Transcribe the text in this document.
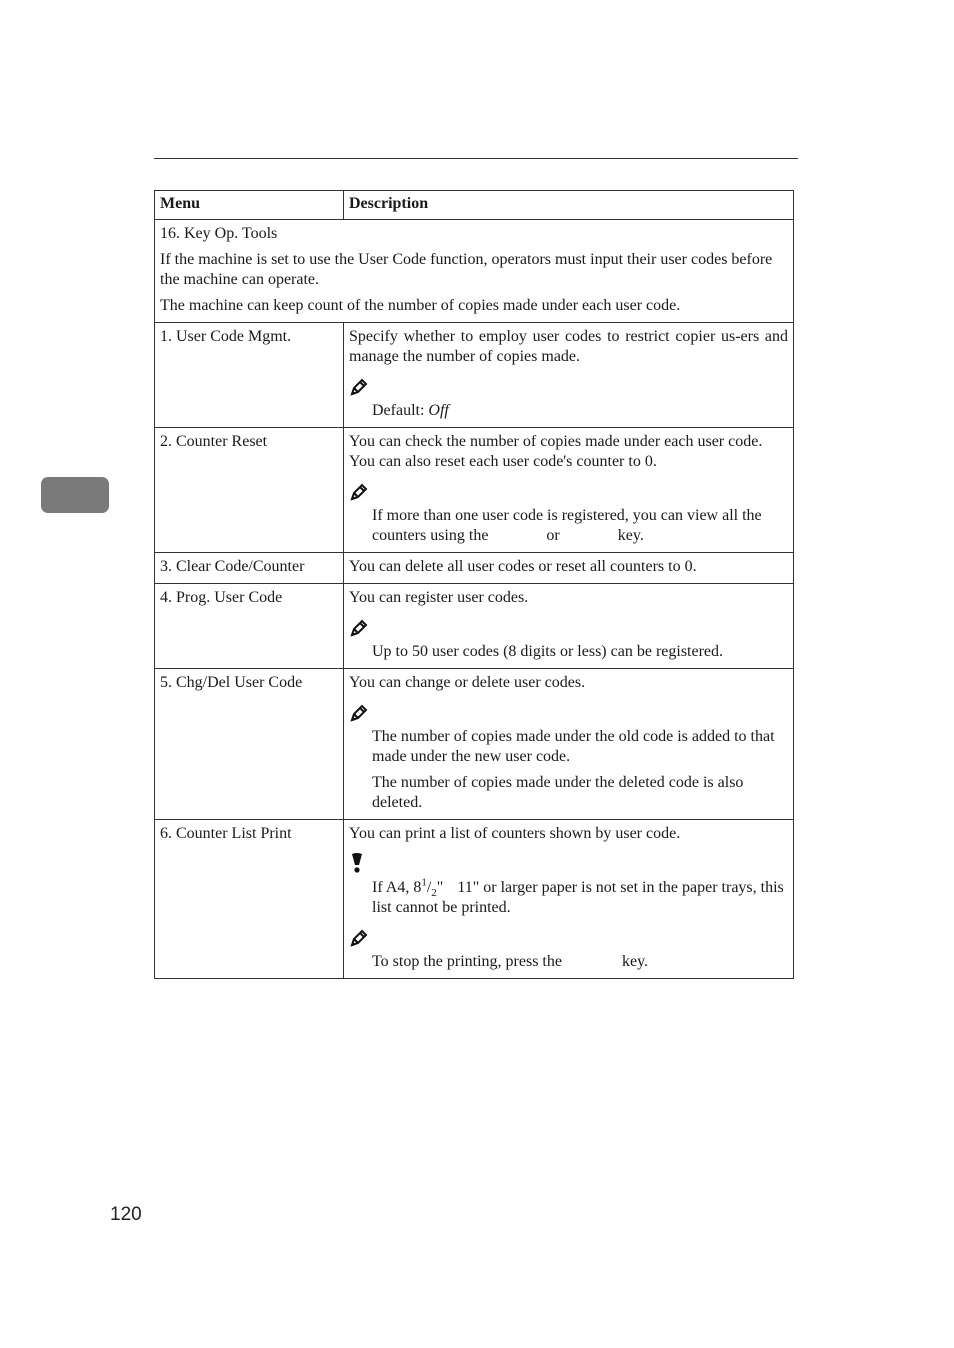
Menu	Description

16. Key Op. Tools

If the machine is set to use the User Code function, operators must input their user codes before the machine can operate.

The machine can keep count of the number of copies made under each user code.	

1. User Code Mgmt.	Specify whether to employ user codes to restrict copier us-ers and manage the number of copies made.

Default: Off

2. Counter Reset	You can check the number of copies made under each user code. You can also reset each user code's counter to 0.

If more than one user code is registered, you can view all the counters using the or key.

3. Clear Code/Counter	You can delete all user codes or reset all counters to 0.
4. Prog. User Code	You can register user codes.

Up to 50 user codes (8 digits or less) can be registered.

5. Chg/Del User Code	You can change or delete user codes.

The number of copies made under the old code is added to that made under the new user code.

The number of copies made under the deleted code is also deleted.

6. Counter List Print	You can print a list of counters shown by user code.

If A4, $8^1/_2$" 11" or larger paper is not set in the paper trays, this list cannot be printed.

To stop the printing, press the key.

120
